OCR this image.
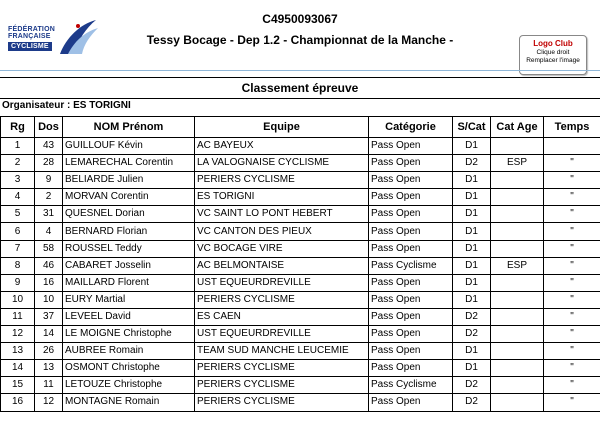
FÉDÉRATION
FRANÇAISE
CYCLISME
C4950093067
Tessy Bocage - Dep 1.2 - Championnat de la Manche -	Logo Club
Clique droit
Remplacer l'image
Classement épreuve
Organisateur : ES TORIGNI
Rg	Dos	NOM Prénom	Equipe	Catégorie	S/Cat	Cat Age	Temps
1	43	GUILLOUF Kévin	AC BAYEUX	Pass Open	D1		
2	28	LEMARECHAL Corentin	LA VALOGNAISE CYCLISME	Pass Open	D2	ESP	"
3	9	BELIARDE Julien	PERIERS CYCLISME	Pass Open	D1		"
4	2	MORVAN Corentin	ES TORIGNI	Pass Open	D1		"
5	31	QUESNEL Dorian	VC SAINT LO PONT HEBERT	Pass Open	D1		"
6	4	BERNARD Florian	VC CANTON DES PIEUX	Pass Open	D1		"
7	58	ROUSSEL Teddy	VC BOCAGE VIRE	Pass Open	D1		"
8	46	CABARET Josselin	AC BELMONTAISE	Pass Cyclisme	D1	ESP	"
9	16	MAILLARD Florent	UST EQUEURDREVILLE	Pass Open	D1		"
10	10	EURY Martial	PERIERS CYCLISME	Pass Open	D1		"
11	37	LEVEEL David	ES CAEN	Pass Open	D2		"
12	14	LE MOIGNE Christophe	UST EQUEURDREVILLE	Pass Open	D2		"
13	26	AUBREE Romain	TEAM SUD MANCHE LEUCEMIE	Pass Open	D1		"
14	13	OSMONT Christophe	PERIERS CYCLISME	Pass Open	D1		"
15	11	LETOUZE Christophe	PERIERS CYCLISME	Pass Cyclisme	D2		"
16	12	MONTAGNE Romain	PERIERS CYCLISME	Pass Open	D2		"
